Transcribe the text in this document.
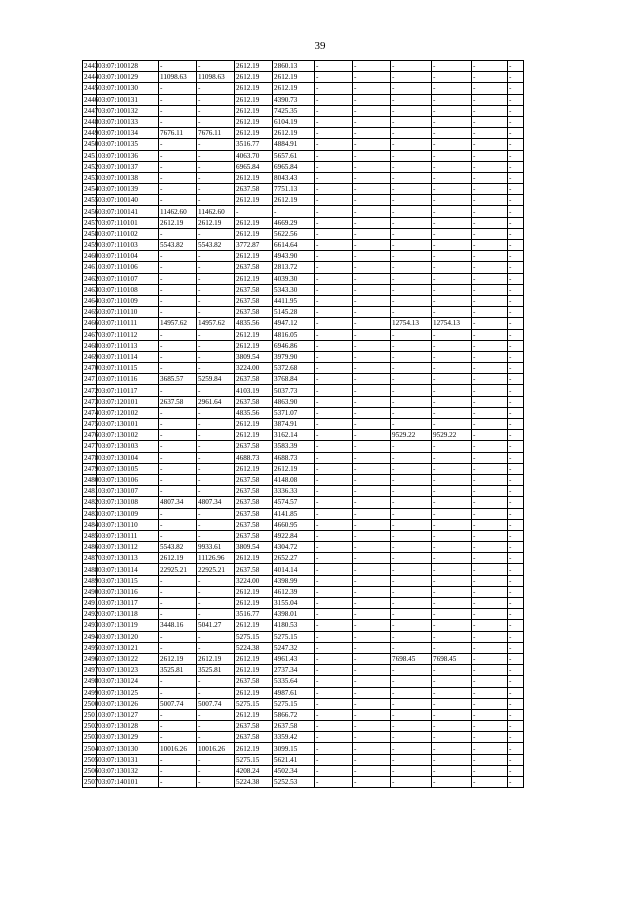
39
2443	03:07:100128	-	-	2612.19	2860.13	-	-	-	-	-	-
2444	03:07:100129	11098.63	11098.63	2612.19	2612.19	-	-	-	-	-	-
2445	03:07:100130	-	-	2612.19	2612.19	-	-	-	-	-	-
2446	03:07:100131	-	-	2612.19	4390.73	-	-	-	-	-	-
2447	03:07:100132	-	-	2612.19	7425.35	-	-	-	-	-	-
2448	03:07:100133	-	-	2612.19	6104.19	-	-	-	-	-	-
2449	03:07:100134	7676.11	7676.11	2612.19	2612.19	-	-	-	-	-	-
2450	03:07:100135	-	-	3516.77	4884.91	-	-	-	-	-	-
2451	03:07:100136	-	-	4063.70	5657.61	-	-	-	-	-	-
2452	03:07:100137	-	-	6965.84	6965.84	-	-	-	-	-	-
2453	03:07:100138	-	-	2612.19	8043.43	-	-	-	-	-	-
2454	03:07:100139	-	-	2637.58	7751.13	-	-	-	-	-	-
2455	03:07:100140	-	-	2612.19	2612.19	-	-	-	-	-	-
2456	03:07:100141	11462.60	11462.60	-	-	-	-	-	-	-	-
2457	03:07:110101	2612.19	2612.19	2612.19	4669.29	-	-	-	-	-	-
2458	03:07:110102	-	-	2612.19	5622.56	-	-	-	-	-	-
2459	03:07:110103	5543.82	5543.82	3772.87	6614.64	-	-	-	-	-	-
2460	03:07:110104	-	-	2612.19	4943.90	-	-	-	-	-	-
2461	03:07:110106	-	-	2637.58	2813.72	-	-	-	-	-	-
2462	03:07:110107	-	-	2612.19	4039.30	-	-	-	-	-	-
2463	03:07:110108	-	-	2637.58	5343.30	-	-	-	-	-	-
2464	03:07:110109	-	-	2637.58	4411.95	-	-	-	-	-	-
2465	03:07:110110	-	-	2637.58	5145.28	-	-	-	-	-	-
2466	03:07:110111	14957.62	14957.62	4835.56	4947.12	-	-	12754.13	12754.13	-	-
2467	03:07:110112	-	-	2612.19	4816.05	-	-	-	-	-	-
2468	03:07:110113	-	-	2612.19	6946.86	-	-	-	-	-	-
2469	03:07:110114	-	-	3809.54	3979.90	-	-	-	-	-	-
2470	03:07:110115	-	-	3224.00	5372.68	-	-	-	-	-	-
2471	03:07:110116	3685.57	5259.84	2637.58	3768.84	-	-	-	-	-	-
2472	03:07:110117	-	-	4103.19	5037.73	-	-	-	-	-	-
2473	03:07:120101	2637.58	2961.64	2637.58	4863.90	-	-	-	-	-	-
2474	03:07:120102	-	-	4835.56	5371.07	-	-	-	-	-	-
2475	03:07:130101	-	-	2612.19	3874.91	-	-	-	-	-	-
2476	03:07:130102	-	-	2612.19	3162.14	-	-	9529.22	9529.22	-	-
2477	03:07:130103	-	-	2637.58	3583.39	-	-	-	-	-	-
2478	03:07:130104	-	-	4688.73	4688.73	-	-	-	-	-	-
2479	03:07:130105	-	-	2612.19	2612.19	-	-	-	-	-	-
2480	03:07:130106	-	-	2637.58	4148.08	-	-	-	-	-	-
2481	03:07:130107	-	-	2637.58	3336.33	-	-	-	-	-	-
2482	03:07:130108	4807.34	4807.34	2637.58	4574.57	-	-	-	-	-	-
2483	03:07:130109	-	-	2637.58	4141.85	-	-	-	-	-	-
2484	03:07:130110	-	-	2637.58	4660.95	-	-	-	-	-	-
2485	03:07:130111	-	-	2637.58	4922.84	-	-	-	-	-	-
2486	03:07:130112	5543.82	9933.61	3809.54	4304.72	-	-	-	-	-	-
2487	03:07:130113	2612.19	11126.96	2612.19	2652.27	-	-	-	-	-	-
2488	03:07:130114	22925.21	22925.21	2637.58	4014.14	-	-	-	-	-	-
2489	03:07:130115	-	-	3224.00	4398.99	-	-	-	-	-	-
2490	03:07:130116	-	-	2612.19	4612.39	-	-	-	-	-	-
2491	03:07:130117	-	-	2612.19	3155.04	-	-	-	-	-	-
2492	03:07:130118	-	-	3516.77	4398.01	-	-	-	-	-	-
2493	03:07:130119	3448.16	5041.27	2612.19	4180.53	-	-	-	-	-	-
2494	03:07:130120	-	-	5275.15	5275.15	-	-	-	-	-	-
2495	03:07:130121	-	-	5224.38	5247.32	-	-	-	-	-	-
2496	03:07:130122	2612.19	2612.19	2612.19	4961.43	-	-	7698.45	7698.45	-	-
2497	03:07:130123	3525.81	3525.81	2612.19	2737.34	-	-	-	-	-	-
2498	03:07:130124	-	-	2637.58	5335.64	-	-	-	-	-	-
2499	03:07:130125	-	-	2612.19	4987.61	-	-	-	-	-	-
2500	03:07:130126	5007.74	5007.74	5275.15	5275.15	-	-	-	-	-	-
2501	03:07:130127	-	-	2612.19	5866.72	-	-	-	-	-	-
2502	03:07:130128	-	-	2637.58	2637.58	-	-	-	-	-	-
2503	03:07:130129	-	-	2637.58	3359.42	-	-	-	-	-	-
2504	03:07:130130	10016.26	10016.26	2612.19	3099.15	-	-	-	-	-	-
2505	03:07:130131	-	-	5275.15	5621.41	-	-	-	-	-	-
2506	03:07:130132	-	-	4208.24	4502.34	-	-	-	-	-	-
2507	03:07:140101	-	-	5224.38	5252.53	-	-	-	-	-	-
